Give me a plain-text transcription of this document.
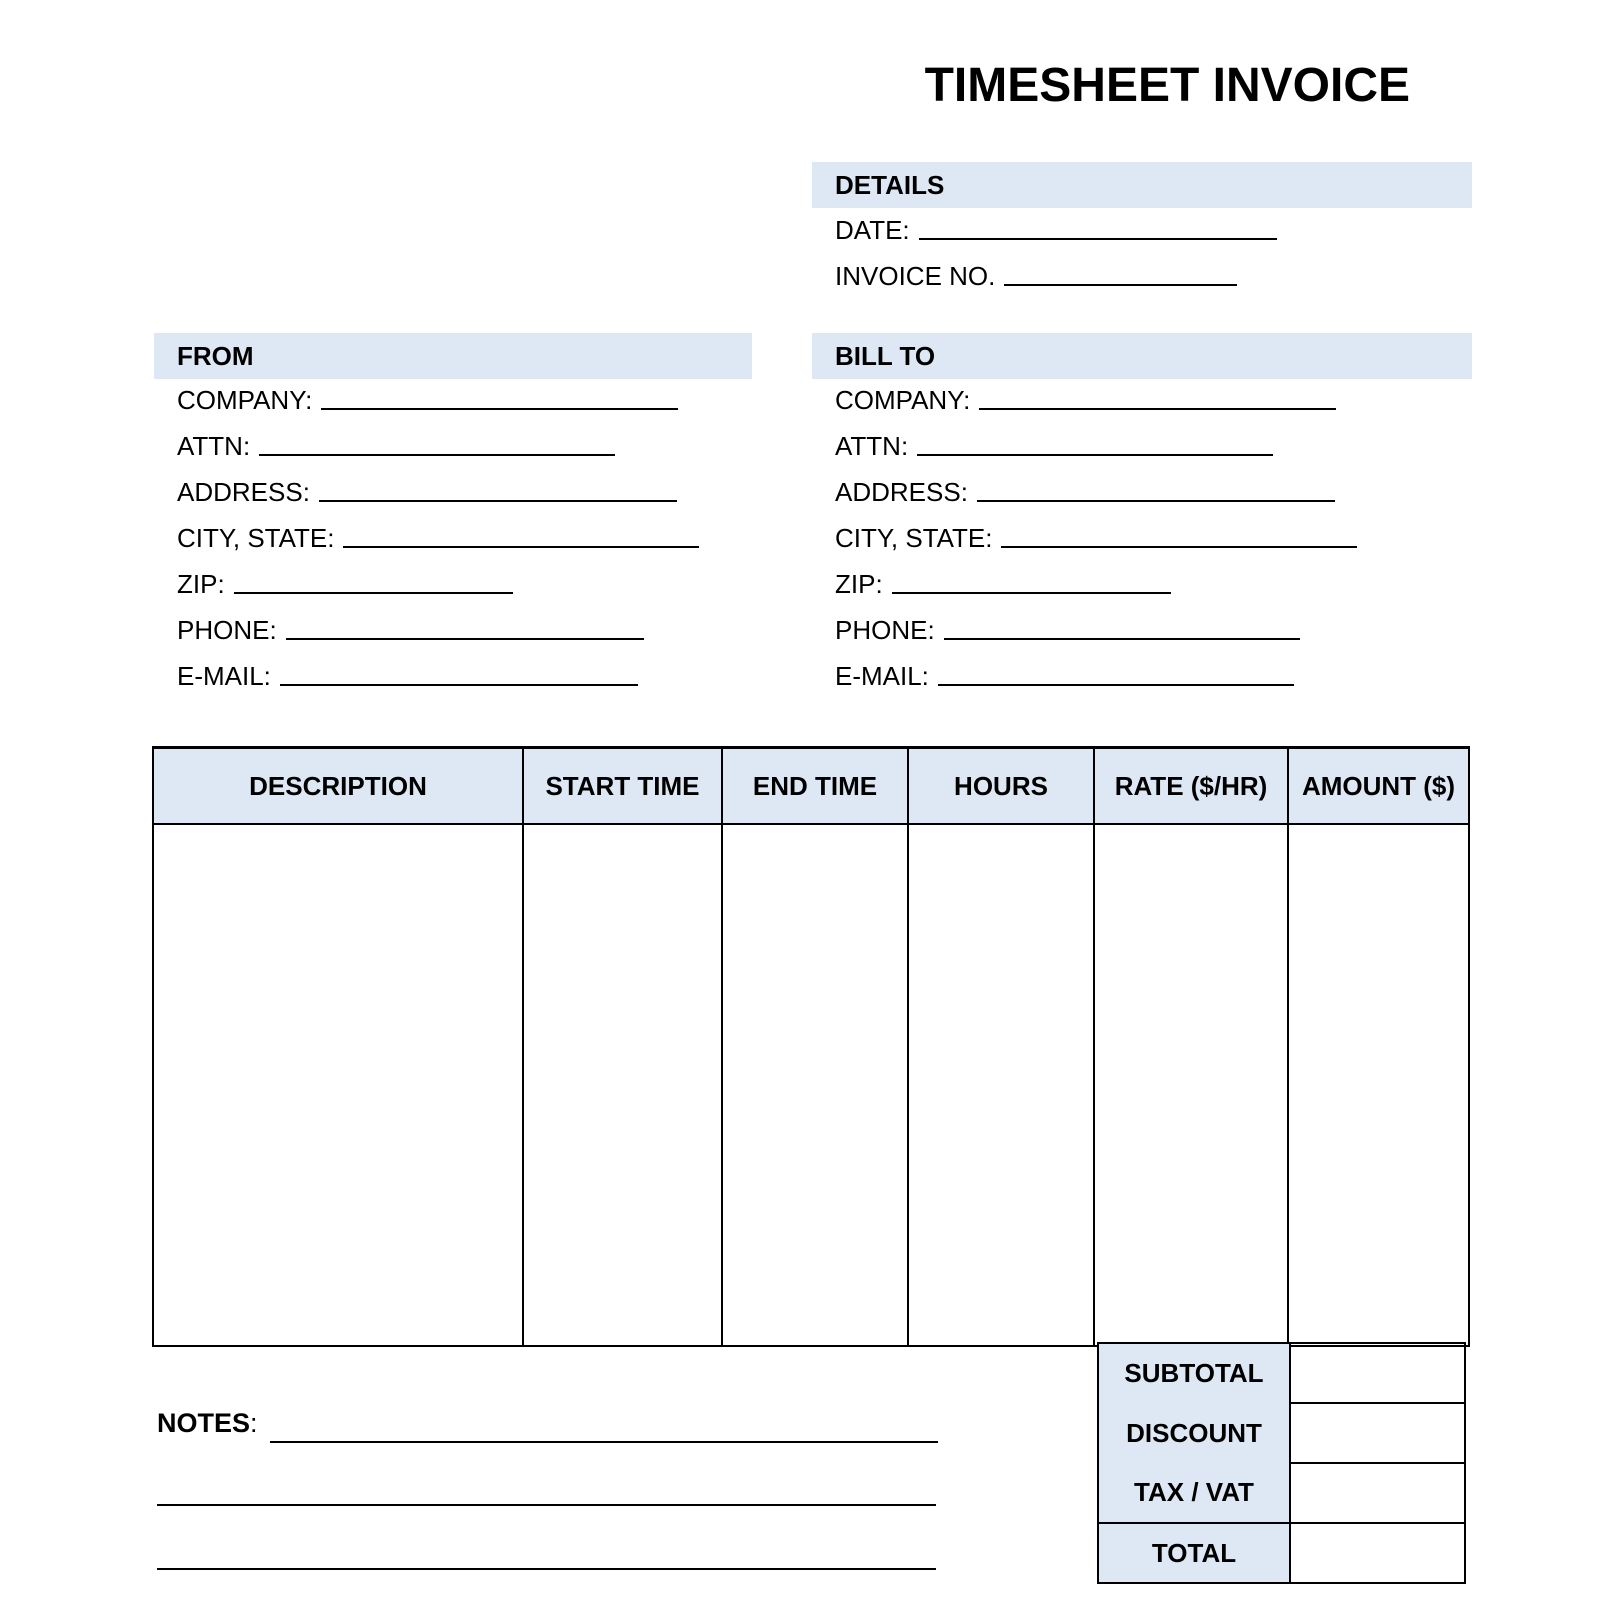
TIMESHEET INVOICE
DETAILS
DATE:
INVOICE NO.
FROM
COMPANY:
ATTN:
ADDRESS:
CITY, STATE:
ZIP:
PHONE:
E-MAIL:
BILL TO
COMPANY:
ATTN:
ADDRESS:
CITY, STATE:
ZIP:
PHONE:
E-MAIL:
DESCRIPTION	START TIME	END TIME	HOURS	RATE ($/HR)	AMOUNT ($)

SUBTOTAL	
DISCOUNT	
TAX / VAT	
TOTAL	
NOTES:
